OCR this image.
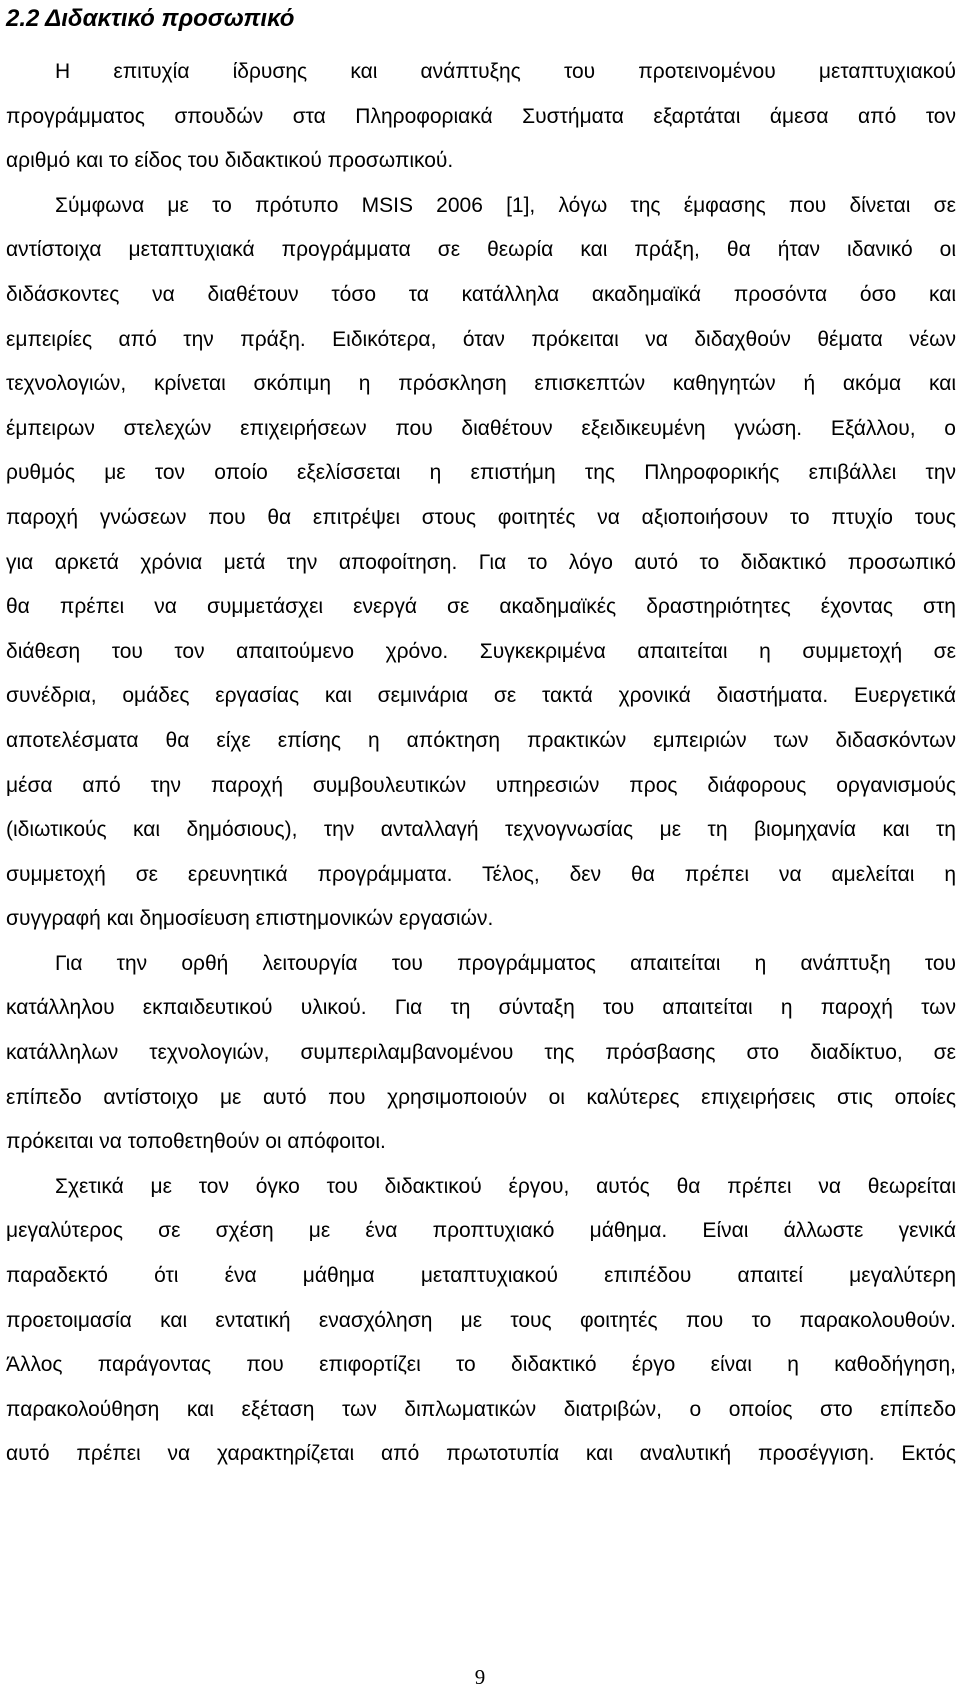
2.2 Διδακτικό προσωπικό
Η επιτυχία ίδρυσης και ανάπτυξης του προτεινομένου μεταπτυχιακού
προγράμματος σπουδών στα Πληροφοριακά Συστήματα εξαρτάται άμεσα από τον
αριθμό και το είδος του διδακτικού προσωπικού.
Σύμφωνα με το πρότυπο MSIS 2006 [1], λόγω της έμφασης που δίνεται σε
αντίστοιχα μεταπτυχιακά προγράμματα σε θεωρία και πράξη, θα ήταν ιδανικό οι
διδάσκοντες να διαθέτουν τόσο τα κατάλληλα ακαδημαϊκά προσόντα όσο και
εμπειρίες από την πράξη. Ειδικότερα, όταν πρόκειται να διδαχθούν θέματα νέων
τεχνολογιών, κρίνεται σκόπιμη η πρόσκληση επισκεπτών καθηγητών ή ακόμα και
έμπειρων στελεχών επιχειρήσεων που διαθέτουν εξειδικευμένη γνώση. Εξάλλου, ο
ρυθμός με τον οποίο εξελίσσεται η επιστήμη της Πληροφορικής επιβάλλει την
παροχή γνώσεων που θα επιτρέψει στους φοιτητές να αξιοποιήσουν το πτυχίο τους
για αρκετά χρόνια μετά την αποφοίτηση. Για το λόγο αυτό το διδακτικό προσωπικό
θα πρέπει να συμμετάσχει ενεργά σε ακαδημαϊκές δραστηριότητες έχοντας στη
διάθεση του τον απαιτούμενο χρόνο. Συγκεκριμένα απαιτείται η συμμετοχή σε
συνέδρια, ομάδες εργασίας και σεμινάρια σε τακτά χρονικά διαστήματα. Ευεργετικά
αποτελέσματα θα είχε επίσης η απόκτηση πρακτικών εμπειριών των διδασκόντων
μέσα από την παροχή συμβουλευτικών υπηρεσιών προς διάφορους οργανισμούς
(ιδιωτικούς και δημόσιους), την ανταλλαγή τεχνογνωσίας με τη βιομηχανία και τη
συμμετοχή σε ερευνητικά προγράμματα. Τέλος, δεν θα πρέπει να αμελείται η
συγγραφή και δημοσίευση επιστημονικών εργασιών.
Για την ορθή λειτουργία του προγράμματος απαιτείται η ανάπτυξη του
κατάλληλου εκπαιδευτικού υλικού. Για τη σύνταξη του απαιτείται η παροχή των
κατάλληλων τεχνολογιών, συμπεριλαμβανομένου της πρόσβασης στο διαδίκτυο, σε
επίπεδο αντίστοιχο με αυτό που χρησιμοποιούν οι καλύτερες επιχειρήσεις στις οποίες
πρόκειται να τοποθετηθούν οι απόφοιτοι.
Σχετικά με τον όγκο του διδακτικού έργου, αυτός θα πρέπει να θεωρείται
μεγαλύτερος σε σχέση με ένα προπτυχιακό μάθημα. Είναι άλλωστε γενικά
παραδεκτό ότι ένα μάθημα μεταπτυχιακού επιπέδου απαιτεί μεγαλύτερη
προετοιμασία και εντατική ενασχόληση με τους φοιτητές που το παρακολουθούν.
Άλλος παράγοντας που επιφορτίζει το διδακτικό έργο είναι η καθοδήγηση,
παρακολούθηση και εξέταση των διπλωματικών διατριβών, ο οποίος στο επίπεδο
αυτό πρέπει να χαρακτηρίζεται από πρωτοτυπία και αναλυτική προσέγγιση. Εκτός
9
